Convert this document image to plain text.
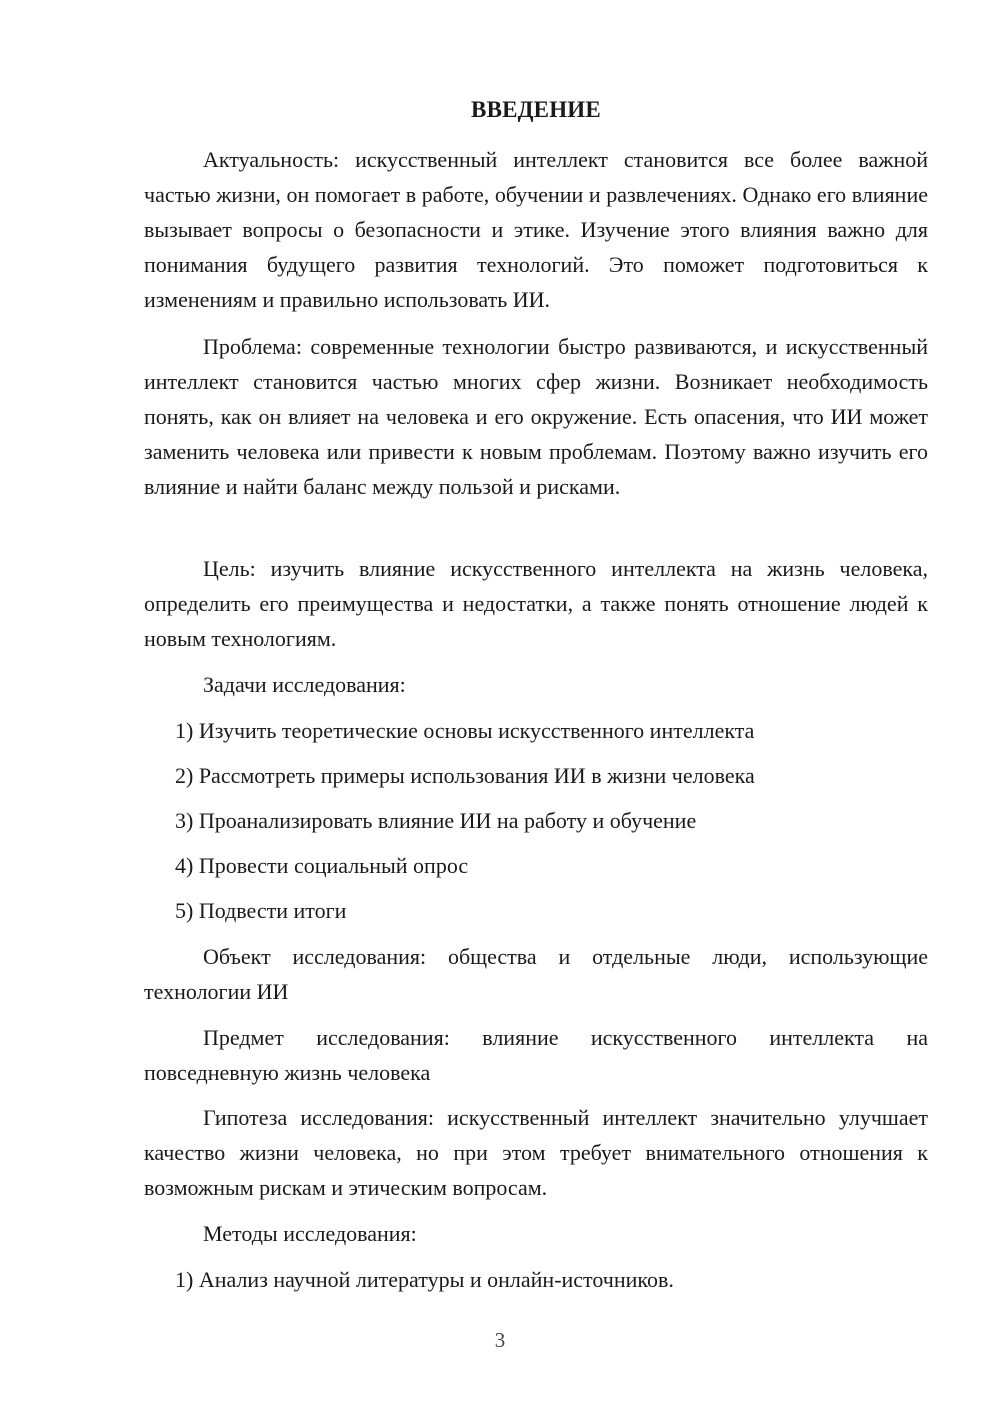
ВВЕДЕНИЕ

Актуальность: искусственный интеллект становится все более важной частью жизни, он помогает в работе, обучении и развлечениях. Однако его влияние вызывает вопросы о безопасности и этике. Изучение этого влияния важно для понимания будущего развития технологий. Это поможет подготовиться к изменениям и правильно использовать ИИ.

Проблема: современные технологии быстро развиваются, и искусственный интеллект становится частью многих сфер жизни. Возникает необходимость понять, как он влияет на человека и его окружение. Есть опасения, что ИИ может заменить человека или привести к новым проблемам. Поэтому важно изучить его влияние и найти баланс между пользой и рисками.

Цель: изучить влияние искусственного интеллекта на жизнь человека, определить его преимущества и недостатки, а также понять отношение людей к новым технологиям.

Задачи исследования:

1) Изучить теоретические основы искусственного интеллекта

2) Рассмотреть примеры использования ИИ в жизни человека

3) Проанализировать влияние ИИ на работу и обучение

4) Провести социальный опрос

5) Подвести итоги

Объект исследования: общества и отдельные люди, использующие технологии ИИ

Предмет исследования: влияние искусственного интеллекта на повседневную жизнь человека

Гипотеза исследования: искусственный интеллект значительно улучшает качество жизни человека, но при этом требует внимательного отношения к возможным рискам и этическим вопросам.

Методы исследования:

1) Анализ научной литературы и онлайн-источников.

3
